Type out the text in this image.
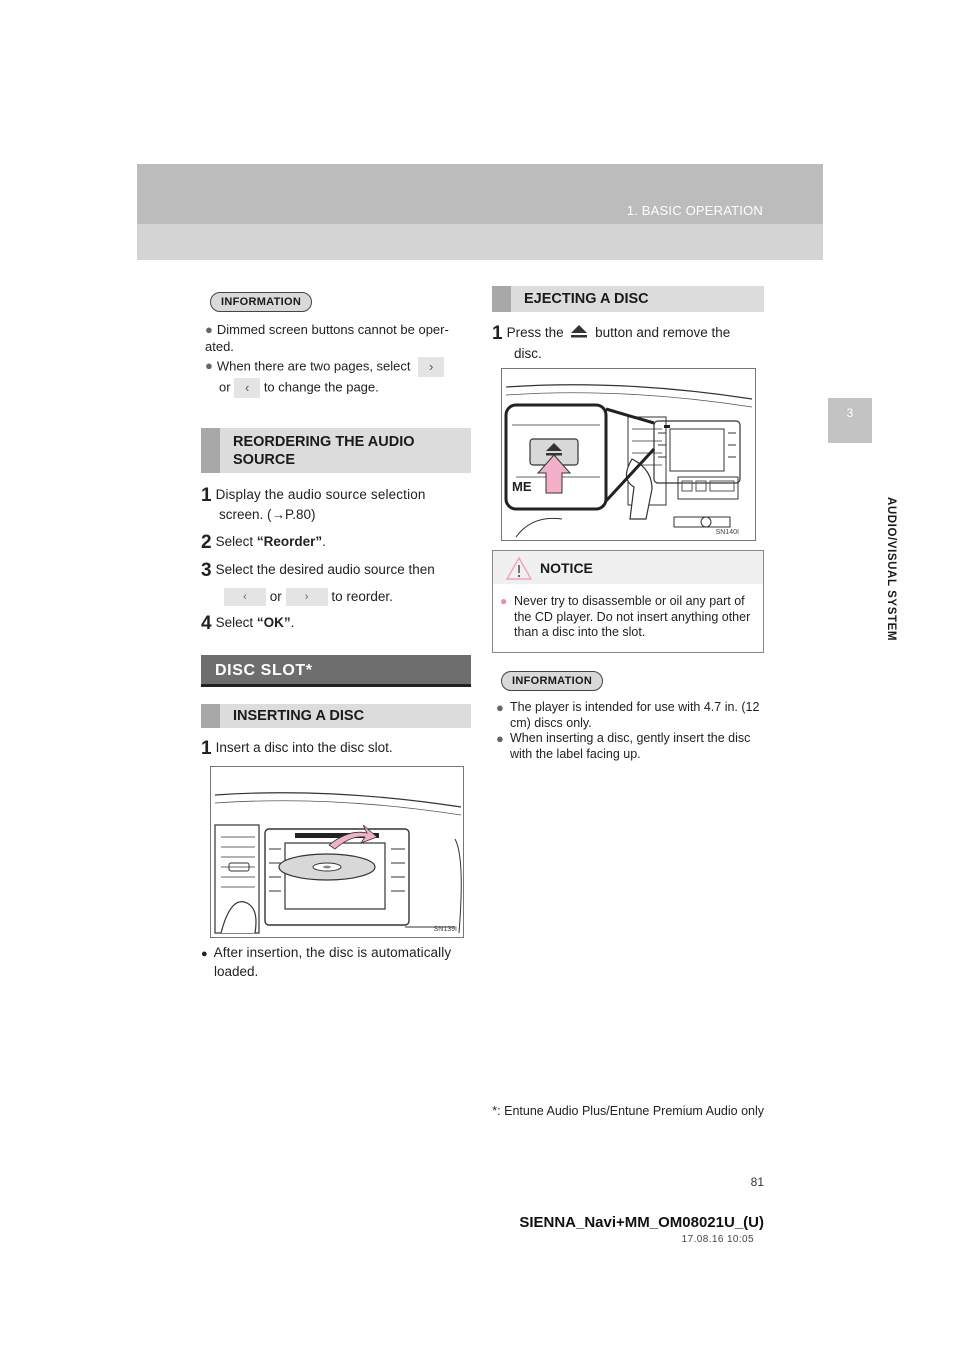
1. BASIC OPERATION
3
AUDIO/VISUAL SYSTEM
INFORMATION
● Dimmed screen buttons cannot be oper-
ated.
● When there are two pages, select ›
or ‹ to change the page.
REORDERING THE AUDIO
SOURCE
1 Display the audio source selection
screen. (→P.80)
2 Select “Reorder”.
3 Select the desired audio source then
‹ or › to reorder.
4 Select “OK”.
DISC SLOT*
INSERTING A DISC
1 Insert a disc into the disc slot.
SN139I
● After insertion, the disc is automatically
loaded.
EJECTING A DISC
1 Press the button and remove the
disc.
ME
SN140I
NOTICE
● Never try to disassemble or oil any part of the CD player. Do not insert anything other than a disc into the slot.
INFORMATION
● The player is intended for use with 4.7 in. (12 cm) discs only.
● When inserting a disc, gently insert the disc with the label facing up.
*: Entune Audio Plus/Entune Premium Audio only
81
SIENNA_Navi+MM_OM08021U_(U)
17.08.16 10:05
